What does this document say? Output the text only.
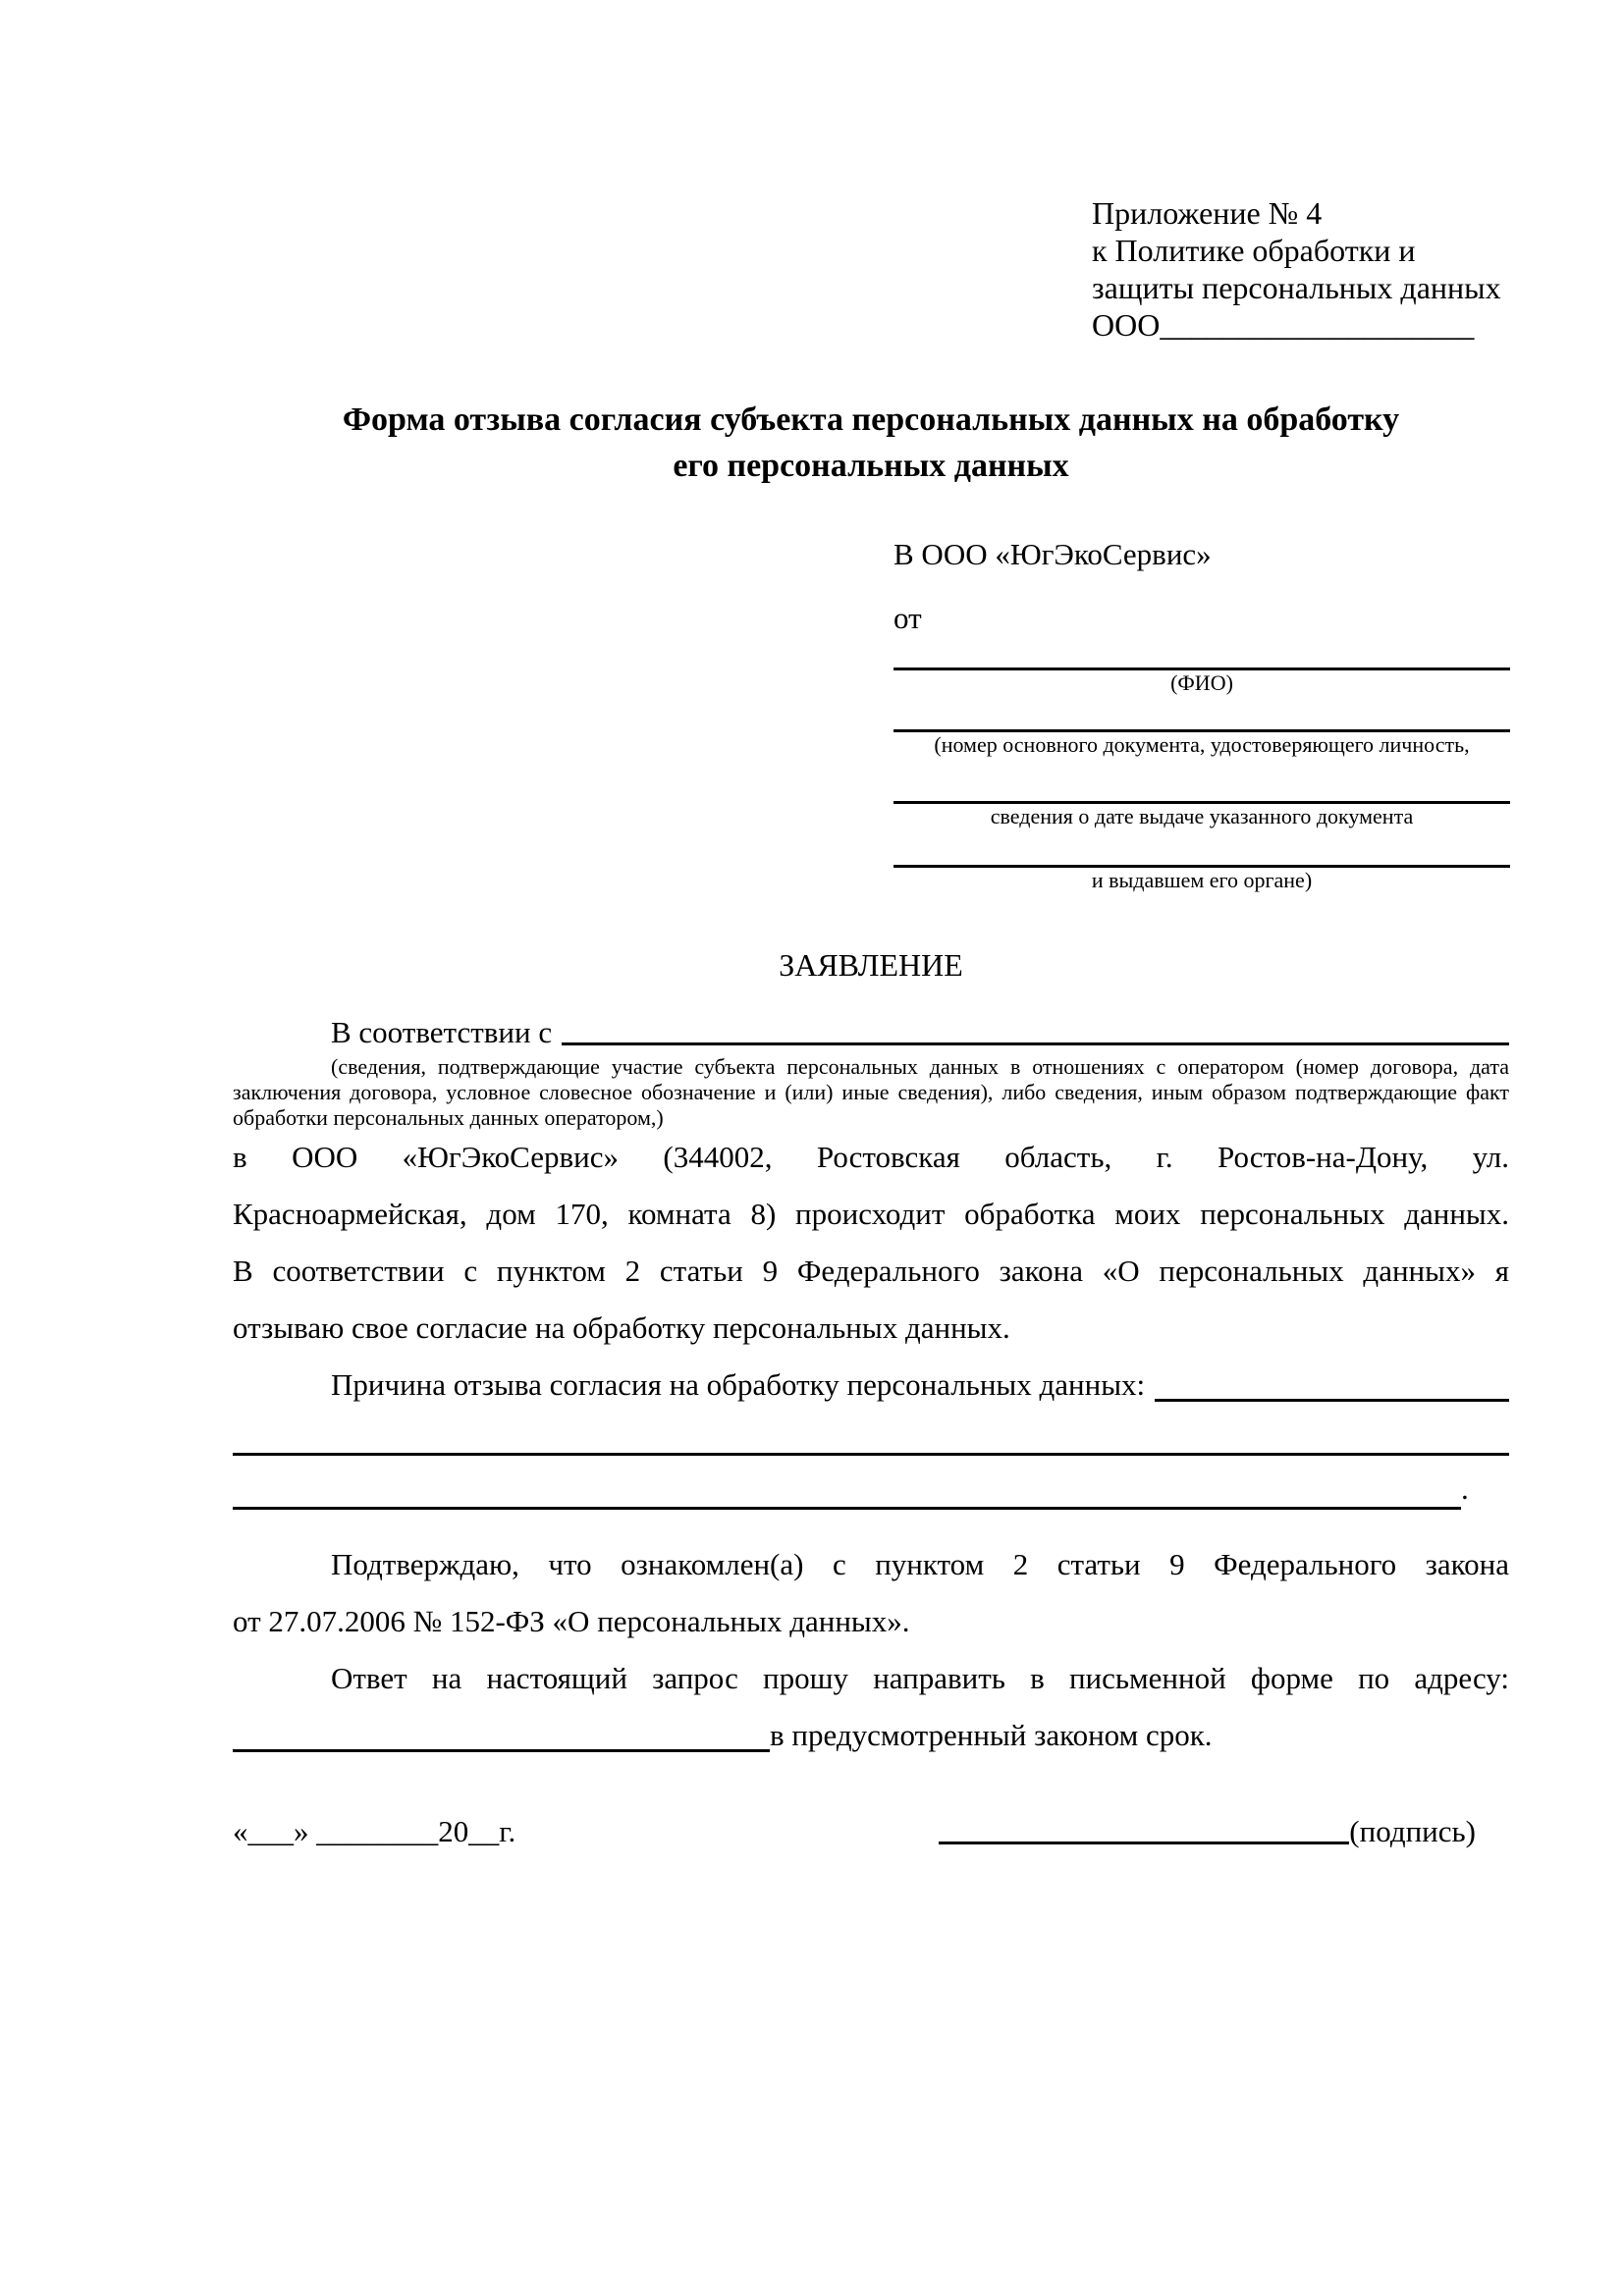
Приложение № 4
к Политике обработки и
защиты персональных данных
ООО____________________
Форма отзыва согласия субъекта персональных данных на обработку
его персональных данных
В ООО «ЮгЭкоСервис»
от
(ФИО)
(номер основного документа, удостоверяющего личность,
сведения о дате выдаче указанного документа
и выдавшем его органе)
ЗАЯВЛЕНИЕ
В соответствии с
(сведения, подтверждающие участие субъекта персональных данных в отношениях с оператором (номер договора, дата
заключения договора, условное словесное обозначение и (или) иные сведения), либо сведения, иным образом подтверждающие факт
обработки персональных данных оператором,)
в ООО «ЮгЭкоСервис» (344002, Ростовская область, г. Ростов-на-Дону, ул.
Красноармейская, дом 170, комната 8) происходит обработка моих персональных данных.
В соответствии с пунктом 2 статьи 9 Федерального закона «О персональных данных» я
отзываю свое согласие на обработку персональных данных.
Причина отзыва согласия на обработку персональных данных:
.
Подтверждаю, что ознакомлен(а) с пунктом 2 статьи 9 Федерального закона
от 27.07.2006 № 152-ФЗ «О персональных данных».
Ответ на настоящий запрос прошу направить в письменной форме по адресу:
в предусмотренный законом срок.
«___» ________20__г.	(подпись)
